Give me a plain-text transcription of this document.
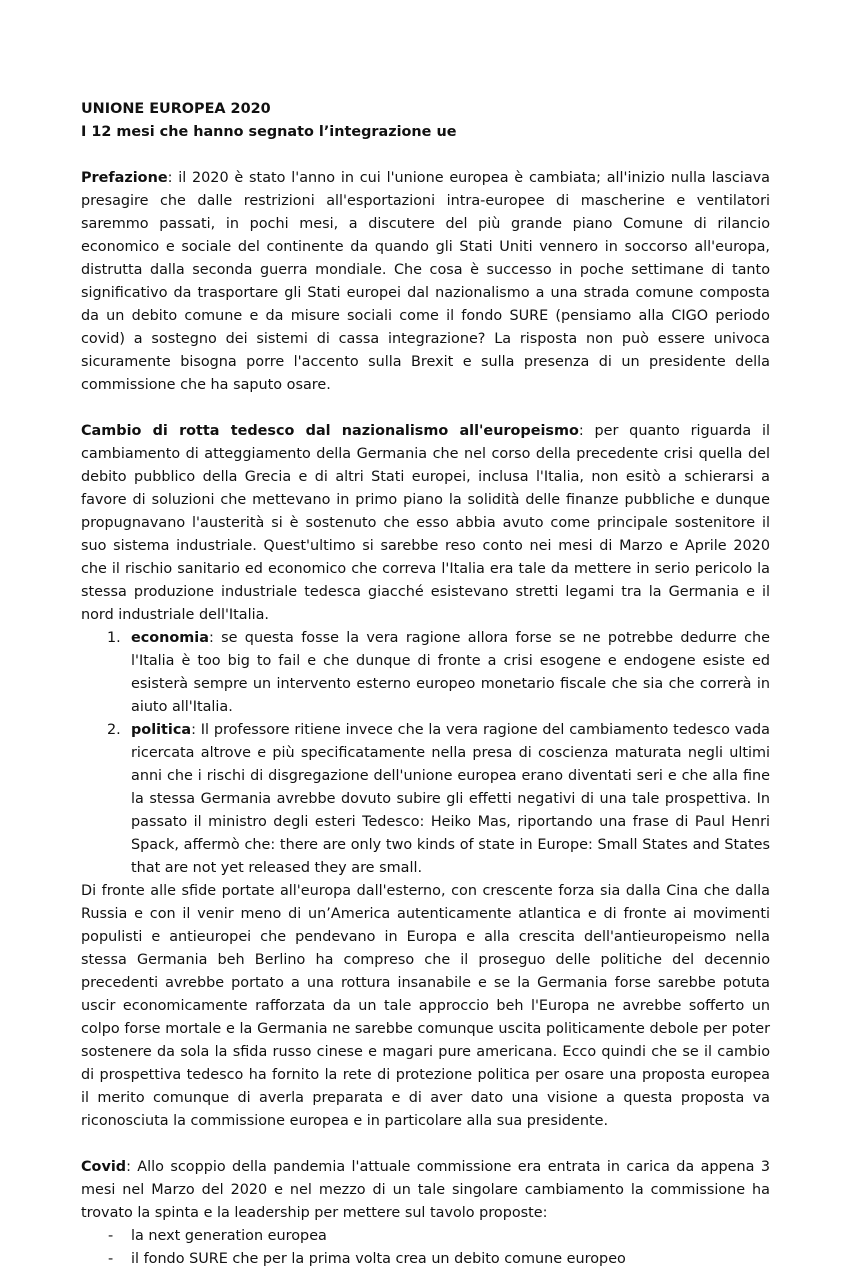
UNIONE EUROPEA 2020

I 12 mesi che hanno segnato l’integrazione ue

Prefazione: il 2020 è stato l'anno in cui l'unione europea è cambiata; all'inizio nulla lasciava presagire che dalle restrizioni all'esportazioni intra-europee di mascherine e ventilatori saremmo passati, in pochi mesi, a discutere del più grande piano Comune di rilancio economico e sociale del continente da quando gli Stati Uniti vennero in soccorso all'europa, distrutta dalla seconda guerra mondiale. Che cosa è successo in poche settimane di tanto significativo da trasportare gli Stati europei dal nazionalismo a una strada comune composta da un debito comune e da misure sociali come il fondo SURE (pensiamo alla CIGO periodo covid) a sostegno dei sistemi di cassa integrazione? La risposta non può essere univoca sicuramente bisogna porre l'accento sulla Brexit e sulla presenza di un presidente della commissione che ha saputo osare.

Cambio di rotta tedesco dal nazionalismo all'europeismo: per quanto riguarda il cambiamento di atteggiamento della Germania che nel corso della precedente crisi quella del debito pubblico della Grecia e di altri Stati europei, inclusa l'Italia, non esitò a schierarsi a favore di soluzioni che mettevano in primo piano la solidità delle finanze pubbliche e dunque propugnavano l'austerità si è sostenuto che esso abbia avuto come principale sostenitore il suo sistema industriale. Quest'ultimo si sarebbe reso conto nei mesi di Marzo e Aprile 2020 che il rischio sanitario ed economico che correva l'Italia era tale da mettere in serio pericolo la stessa produzione industriale tedesca giacché esistevano stretti legami tra la Germania e il nord industriale dell'Italia.

1. economia: se questa fosse la vera ragione allora forse se ne potrebbe dedurre che l'Italia è too big to fail e che dunque di fronte a crisi esogene e endogene esiste ed esisterà sempre un intervento esterno europeo monetario fiscale che sia che correrà in aiuto all'Italia.
2. politica: Il professore ritiene invece che la vera ragione del cambiamento tedesco vada ricercata altrove e più specificatamente nella presa di coscienza maturata negli ultimi anni che i rischi di disgregazione dell'unione europea erano diventati seri e che alla fine la stessa Germania avrebbe dovuto subire gli effetti negativi di una tale prospettiva. In passato il ministro degli esteri Tedesco: Heiko Mas, riportando una frase di Paul Henri Spack, affermò che: there are only two kinds of state in Europe: Small States and States that are not yet released they are small.

Di fronte alle sfide portate all'europa dall'esterno, con crescente forza sia dalla Cina che dalla Russia e con il venir meno di un’America autenticamente atlantica e di fronte ai movimenti populisti e antieuropei che pendevano in Europa e alla crescita dell'antieuropeismo nella stessa Germania beh Berlino ha compreso che il proseguo delle politiche del decennio precedenti avrebbe portato a una rottura insanabile e se la Germania forse sarebbe potuta uscir economicamente rafforzata da un tale approccio beh l'Europa ne avrebbe sofferto un colpo forse mortale e la Germania ne sarebbe comunque uscita politicamente debole per poter sostenere da sola la sfida russo cinese e magari pure americana. Ecco quindi che se il cambio di prospettiva tedesco ha fornito la rete di protezione politica per osare una proposta europea il merito comunque di averla preparata e di aver dato una visione a questa proposta va riconosciuta la commissione europea e in particolare alla sua presidente.

Covid: Allo scoppio della pandemia l'attuale commissione era entrata in carica da appena 3 mesi nel Marzo del 2020 e nel mezzo di un tale singolare cambiamento la commissione ha trovato la spinta e la leadership per mettere sul tavolo proposte:

- la next generation europea
- il fondo SURE che per la prima volta crea un debito comune europeo
